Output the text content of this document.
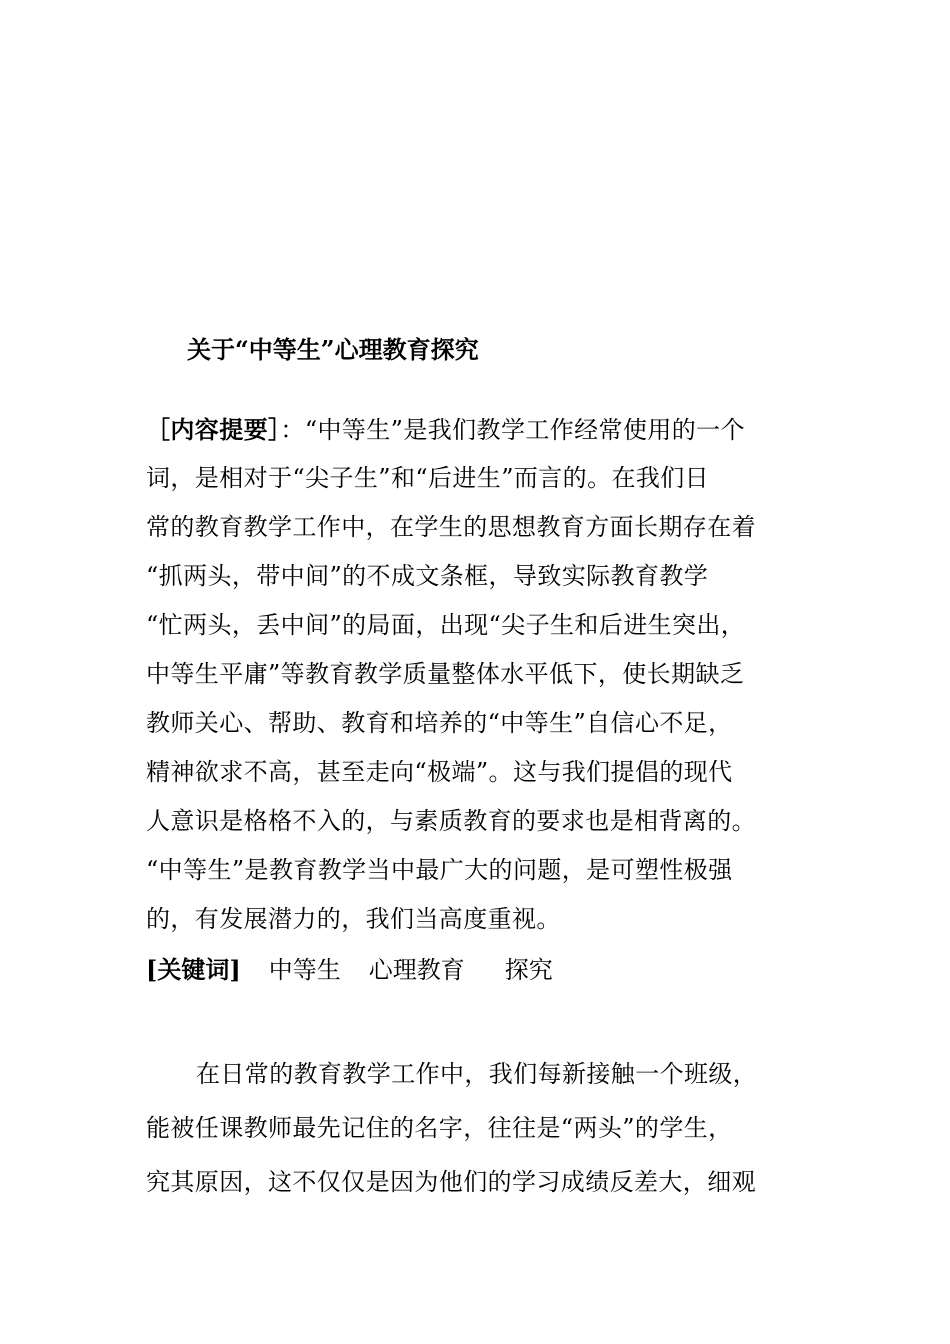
关于“中等生”心理教育探究
［内容提要］：“中等生”是我们教学工作经常使用的一个
词，是相对于“尖子生”和“后进生”而言的。在我们日
常的教育教学工作中，在学生的思想教育方面长期存在着
“抓两头，带中间”的不成文条框，导致实际教育教学
“忙两头，丢中间”的局面，出现“尖子生和后进生突出，
中等生平庸”等教育教学质量整体水平低下，使长期缺乏
教师关心、帮助、教育和培养的“中等生”自信心不足，
精神欲求不高，甚至走向“极端”。这与我们提倡的现代
人意识是格格不入的，与素质教育的要求也是相背离的。
“中等生”是教育教学当中最广大的问题，是可塑性极强
的，有发展潜力的，我们当高度重视。
[关键词] 中等生 心理教育 探究
在日常的教育教学工作中，我们每新接触一个班级，
能被任课教师最先记住的名字，往往是“两头”的学生，
究其原因，这不仅仅是因为他们的学习成绩反差大，细观
